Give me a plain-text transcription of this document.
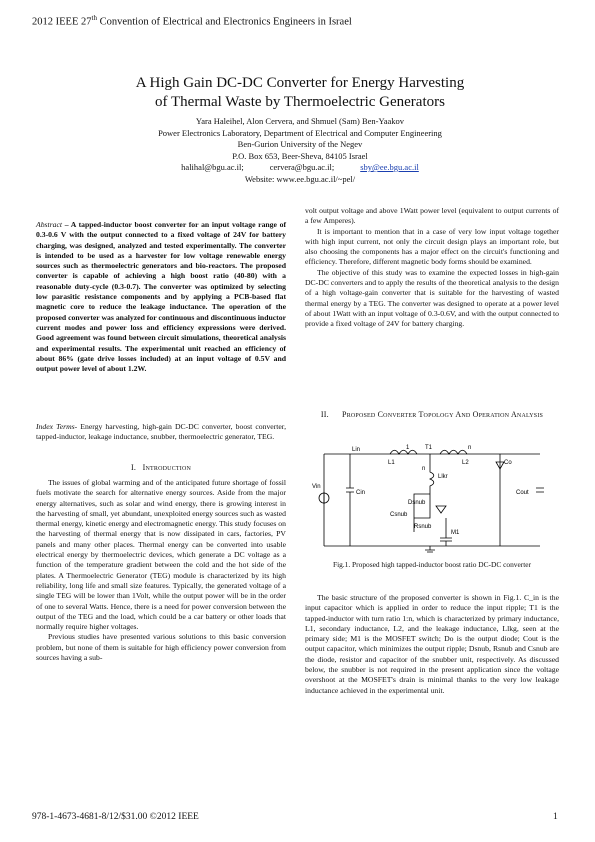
2012 IEEE 27th Convention of Electrical and Electronics Engineers in Israel
A High Gain DC-DC Converter for Energy Harvesting
of Thermal Waste by Thermoelectric Generators
Yara Haleihel, Alon Cervera, and Shmuel (Sam) Ben-Yaakov
Power Electronics Laboratory, Department of Electrical and Computer Engineering
Ben-Gurion University of the Negev
P.O. Box 653, Beer-Sheva, 84105 Israel
halihal@bgu.ac.il;	cervera@bgu.ac.il;	sby@ee.bgu.ac.il
Website: www.ee.bgu.ac.il/~pel/
Abstract – A tapped-inductor boost converter for an input voltage range of 0.3-0.6 V with the output connected to a fixed voltage of 24V for battery charging, was designed, analyzed and tested experimentally. The converter is intended to be used as a harvester for low voltage renewable energy sources such as thermoelectric generators and bio-reactors. The proposed converter is capable of achieving a high boost ratio (40-80) with a reasonable duty-cycle (0.3-0.7). The converter was optimized by selecting low parasitic resistance components and by applying a PCB-based flat magnetic core to reduce the leakage inductance. The operation of the proposed converter was analyzed for continuous and discontinuous inductor current modes and power loss and efficiency expressions were derived. Good agreement was found between circuit simulations, theoretical analysis and experimental results. The experimental unit reached an efficiency of about 86% (gate drive losses included) at an input voltage of 0.5V and output power level of about 1.2W.
Index Terms- Energy harvesting, high-gain DC-DC converter, boost converter, tapped-inductor, leakage inductance, snubber, thermoelectric generator, TEG.
I. Introduction

The issues of global warming and of the anticipated future shortage of fossil fuels motivate the search for alternative energy sources. Aside from the major energy alternatives, such as solar and wind energy, there is growing interest in the harvesting of small, yet abundant, unexploited energy sources such as wasted thermal energy, kinetic energy and electromagnetic energy. This study focuses on the harvesting of thermal energy that is now dissipated in cars, factories, PV panels and many other places. Thermal energy can be converted into usable electrical energy by thermoelectric devices, which generate a DC voltage as a function of the temperature gradient between the cold and the hot side of the plates. A Thermoelectric Generator (TEG) module is characterized by its high reliability, long life and small size features. Typically, the generated voltage of a single TEG will be lower than 1Volt, while the output power will be in the order of one to several Watts. Hence, there is a need for power conversion between the output of the TEG and the load, which could be a car battery or other loads that normally require higher voltages.

Previous studies have presented various solutions to this basic conversion problem, but none of them is suitable for high efficiency power conversion from sources having a sub-

volt output voltage and above 1Watt power level (equivalent to output currents of a few Amperes).

It is important to mention that in a case of very low input voltage together with high input current, not only the circuit design plays an important role, but also choosing the components has a major effect on the circuit's functioning and efficiency. Therefore, different magnetic body forms should be examined.

The objective of this study was to examine the expected losses in high-gain DC-DC converters and to apply the results of the theoretical analysis to the design of a high voltage-gain converter that is suitable for the harvesting of wasted thermal energy by a TEG. The converter was designed to operate at a power level of about 1Watt with an input voltage of 0.3-0.6V, and with the output connected to provide a fixed voltage of 24V for battery charging.

II. Proposed Converter Topology And Operation Analysis
Lin
L1	L2
T1
1	n
n
Vin
Cin
Llkr
Dsnub
Csnub
Rsnub
M1
Co
Cout
Fig.1. Proposed high tapped-inductor boost ratio DC-DC converter

The basic structure of the proposed converter is shown in Fig.1. C_in is the input capacitor which is applied in order to reduce the input ripple; T1 is the tapped-inductor with turn ratio 1:n, which is characterized by primary inductance, L1, secondary inductance, L2, and the leakage inductance, Llkg, seen at the primary side; M1 is the MOSFET switch; Do is the output diode; Cout is the output capacitor, which minimizes the output ripple; Dsnub, Rsnub and Csnub are the diode, resistor and capacitor of the snubber unit, respectively. As discussed below, the snubber is not required in the present application since the voltage overshoot at the MOSFET's drain is minimal thanks to the very low leakage inductance achieved in the experimental unit.

978-1-4673-4681-8/12/$31.00 ©2012 IEEE	1
